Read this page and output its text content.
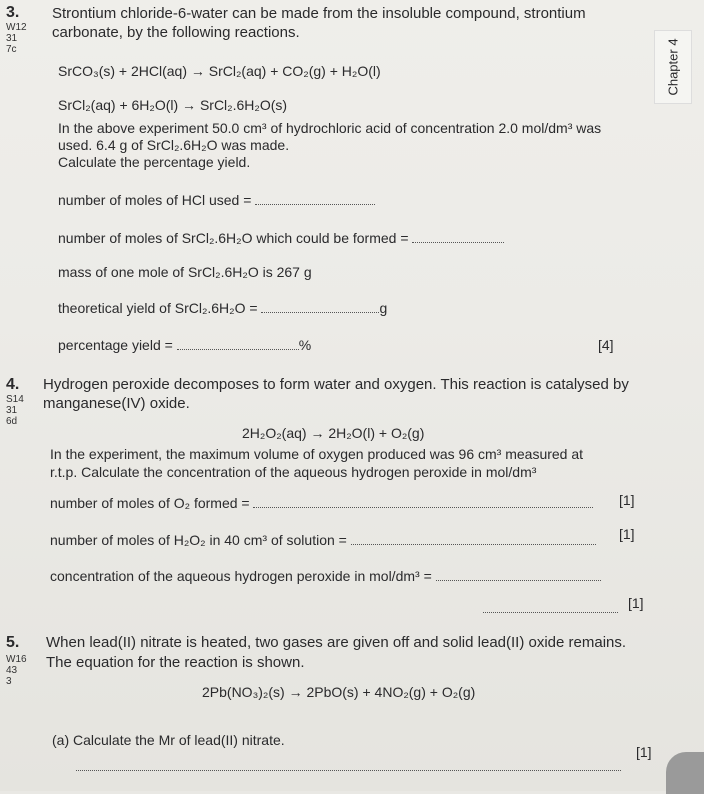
Chapter 4
3.
W12
31
7c
Strontium chloride-6-water can be made from the insoluble compound, strontium
carbonate, by the following reactions.
SrCO₃(s) + 2HCl(aq) → SrCl₂(aq) + CO₂(g) + H₂O(l)
SrCl₂(aq) + 6H₂O(l) → SrCl₂.6H₂O(s)
In the above experiment 50.0 cm³ of hydrochloric acid of concentration 2.0 mol/dm³ was
used. 6.4 g of SrCl₂.6H₂O was made.
Calculate the percentage yield.
number of moles of HCl used =
number of moles of SrCl₂.6H₂O which could be formed =
mass of one mole of SrCl₂.6H₂O is 267 g
theoretical yield of SrCl₂.6H₂O =	g
percentage yield =	%	[4]
4.
S14
31
6d
Hydrogen peroxide decomposes to form water and oxygen. This reaction is catalysed by
manganese(IV) oxide.
2H₂O₂(aq) → 2H₂O(l) + O₂(g)
In the experiment, the maximum volume of oxygen produced was 96 cm³ measured at
r.t.p. Calculate the concentration of the aqueous hydrogen peroxide in mol/dm³
number of moles of O₂ formed =	[1]
number of moles of H₂O₂ in 40 cm³ of solution =	[1]
concentration of the aqueous hydrogen peroxide in mol/dm³ =
[1]
5.
W16
43
3
When lead(II) nitrate is heated, two gases are given off and solid lead(II) oxide remains.
The equation for the reaction is shown.
2Pb(NO₃)₂(s) → 2PbO(s) + 4NO₂(g) + O₂(g)
(a) Calculate the Mr of lead(II) nitrate.
[1]
